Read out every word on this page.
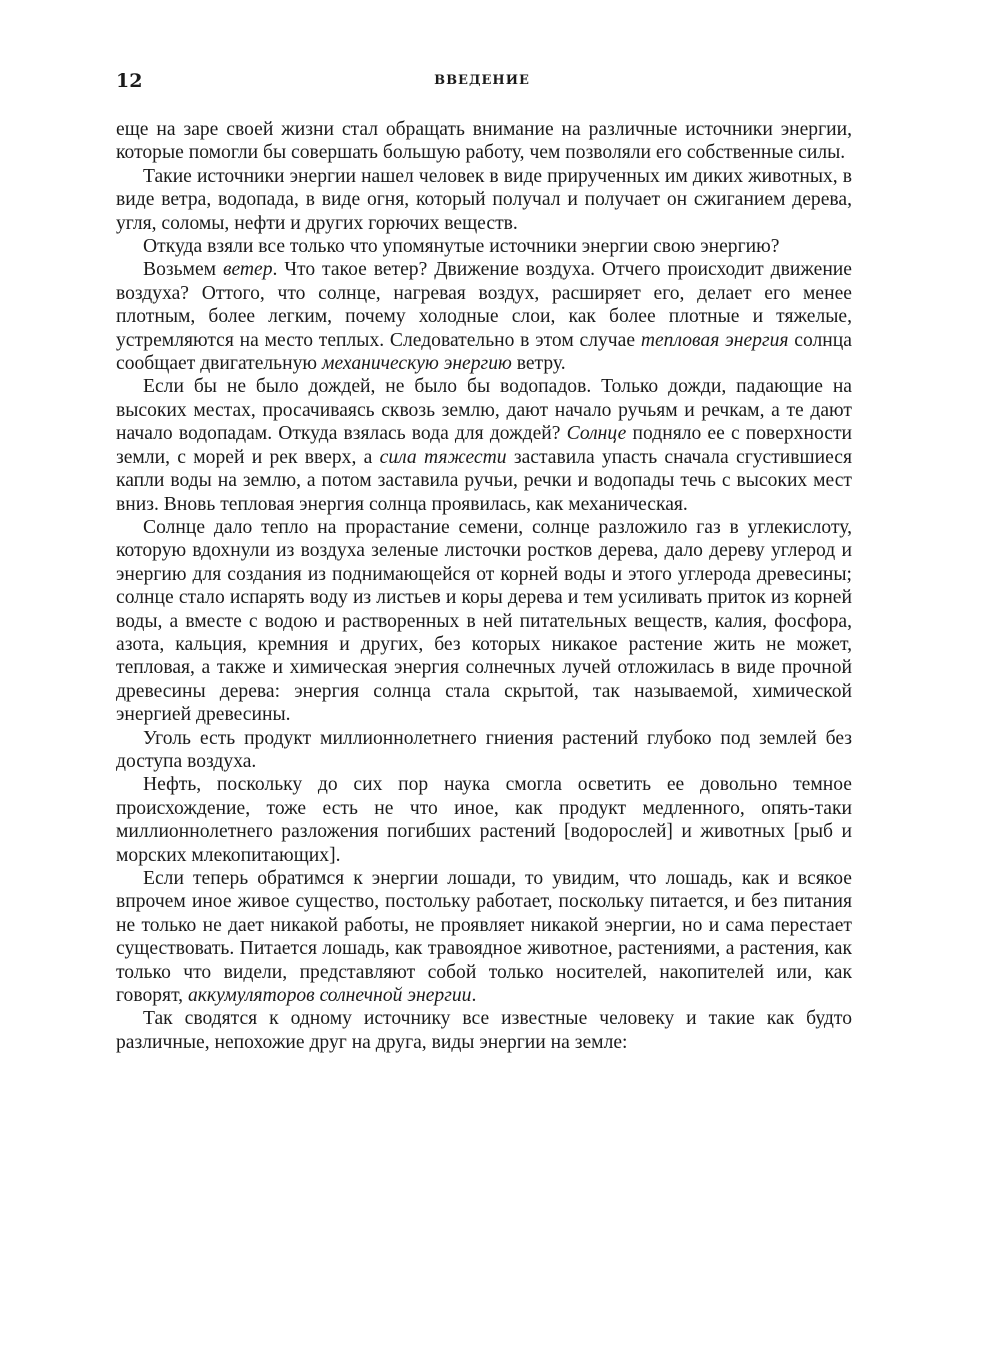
12	ВВЕДЕНИЕ

еще на заре своей жизни стал обращать внимание на различные источники энергии, которые помогли бы совершать большую работу, чем позволяли его собственные силы.

Такие источники энергии нашел человек в виде прирученных им диких животных, в виде ветра, водопада, в виде огня, который получал и получает он сжиганием дерева, угля, соломы, нефти и других горючих веществ.

Откуда взяли все только что упомянутые источники энергии свою энергию?

Возьмем ветер. Что такое ветер? Движение воздуха. Отчего происходит движение воздуха? Оттого, что солнце, нагревая воздух, расширяет его, делает его менее плотным, более легким, почему холодные слои, как более плотные и тяжелые, устремляются на место теплых. Следовательно в этом случае тепловая энергия солнца сообщает двигательную механическую энергию ветру.

Если бы не было дождей, не было бы водопадов. Только дожди, падающие на высоких местах, просачиваясь сквозь землю, дают начало ручьям и речкам, а те дают начало водопадам. Откуда взялась вода для дождей? Солнце подняло ее с поверхности земли, с морей и рек вверх, а сила тяжести заставила упасть сначала сгустившиеся капли воды на землю, а потом заставила ручьи, речки и водопады течь с высоких мест вниз. Вновь тепловая энергия солнца проявилась, как механическая.

Солнце дало тепло на прорастание семени, солнце разложило газ в углекислоту, которую вдохнули из воздуха зеленые листочки ростков дерева, дало дереву углерод и энергию для создания из поднимающейся от корней воды и этого углерода древесины; солнце стало испарять воду из листьев и коры дерева и тем усиливать приток из корней воды, а вместе с водою и растворенных в ней питательных веществ, калия, фосфора, азота, кальция, кремния и других, без которых никакое растение жить не может, тепловая, а также и химическая энергия солнечных лучей отложилась в виде прочной древесины дерева: энергия солнца стала скрытой, так называемой, химической энергией древесины.

Уголь есть продукт миллионнолетнего гниения растений глубоко под землей без доступа воздуха.

Нефть, поскольку до сих пор наука смогла осветить ее довольно темное происхождение, тоже есть не что иное, как продукт медленного, опять-таки миллионнолетнего разложения погибших растений [водорослей] и животных [рыб и морских млекопитающих].

Если теперь обратимся к энергии лошади, то увидим, что лошадь, как и всякое впрочем иное живое существо, постольку работает, поскольку питается, и без питания не только не дает никакой работы, не проявляет никакой энергии, но и сама перестает существовать. Питается лошадь, как травоядное животное, растениями, а растения, как только что видели, представляют собой только носителей, накопителей или, как говорят, аккумуляторов солнечной энергии.

Так сводятся к одному источнику все известные человеку и такие как будто различные, непохожие друг на друга, виды энергии на земле:
